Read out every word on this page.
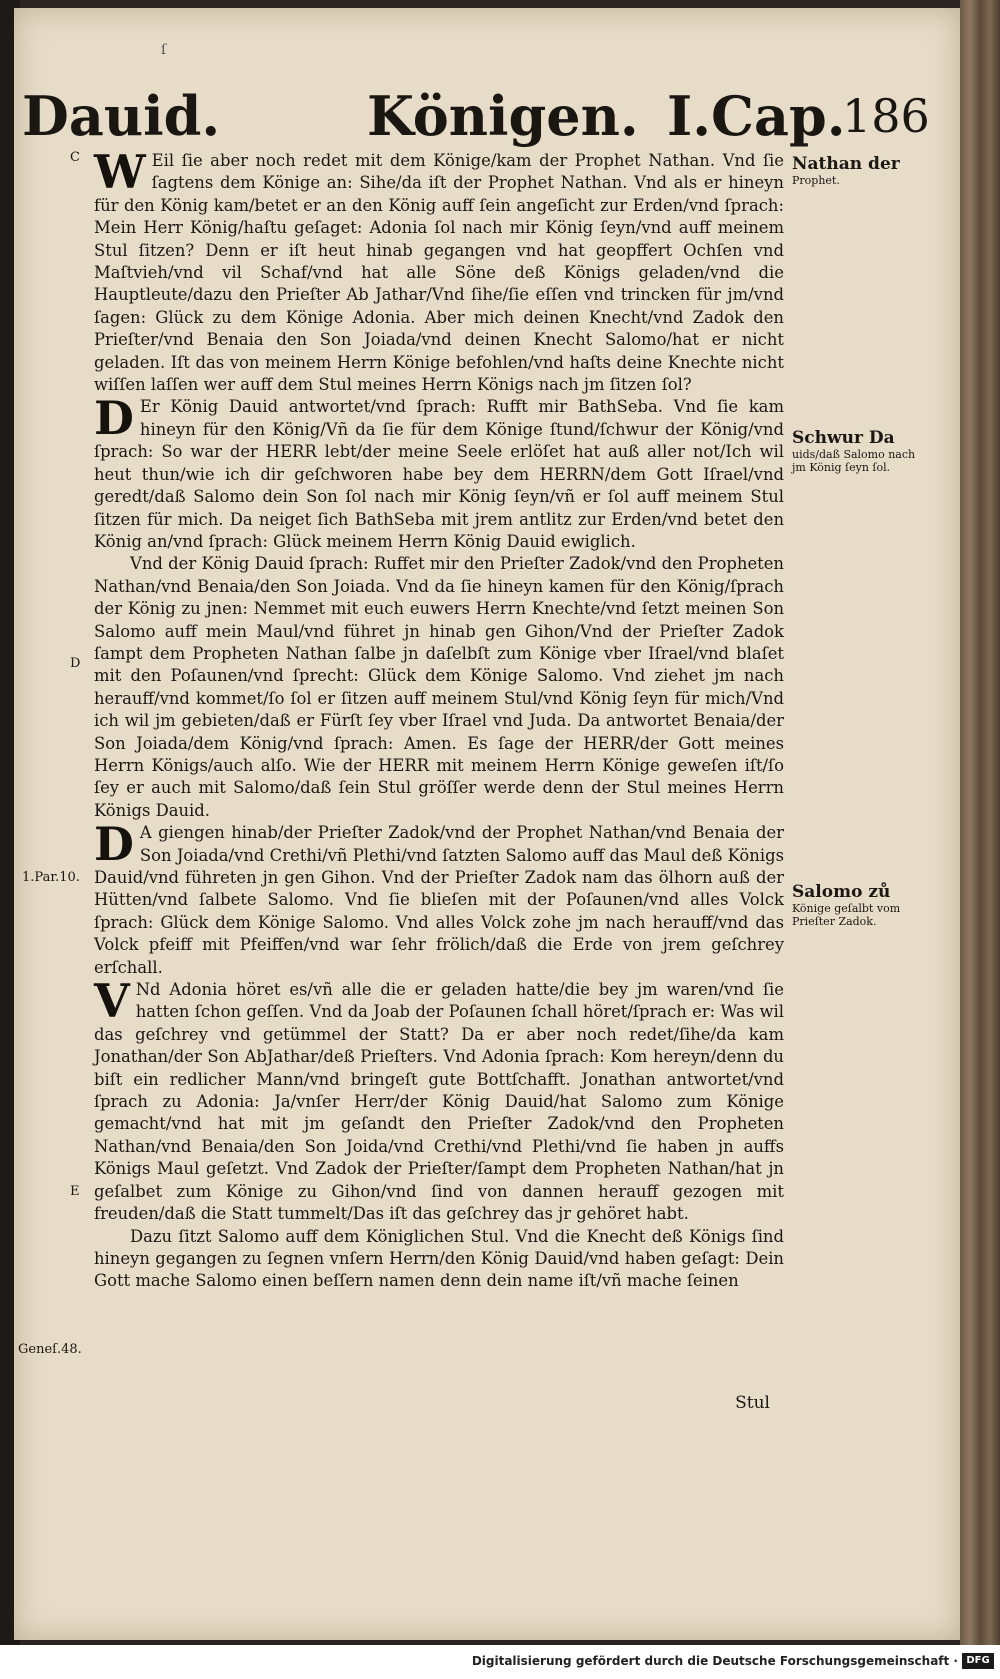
ſ
Dauid.	Königen. I.Cap.
186

W Eil ſie aber noch redet mit dem Könige/kam der Prophet Nathan. Vnd ſie ſagtens dem Könige an: Sihe/da iſt der Prophet Nathan. Vnd als er hineyn für den König kam/betet er an den König auff ſein angeſicht zur Erden/vnd ſprach: Mein Herr König/haſtu geſaget: Adonia ſol nach mir König ſeyn/vnd auff meinem Stul ſitzen? Denn er iſt heut hinab gegangen vnd hat geopffert Ochſen vnd Maſtvieh/vnd vil Schaf/vnd hat alle Söne deß Königs geladen/vnd die Hauptleute/dazu den Prieſter Ab Jathar/Vnd ſihe/ſie eſſen vnd trincken für jm/vnd ſagen: Glück zu dem Könige Adonia. Aber mich deinen Knecht/vnd Zadok den Prieſter/vnd Benaia den Son Joiada/vnd deinen Knecht Salomo/hat er nicht geladen. Iſt das von meinem Herrn Könige befohlen/vnd haſts deine Knechte nicht wiſſen laſſen wer auff dem Stul meines Herrn Königs nach jm ſitzen ſol?

D Er König Dauid antwortet/vnd ſprach: Rufft mir BathSeba. Vnd ſie kam hineyn für den König/Vñ da ſie für dem Könige ſtund/ſchwur der König/vnd ſprach: So war der HERR lebt/der meine Seele erlöſet hat auß aller not/Ich wil heut thun/wie ich dir geſchworen habe bey dem HERRN/dem Gott Iſrael/vnd geredt/daß Salomo dein Son ſol nach mir König ſeyn/vñ er ſol auff meinem Stul ſitzen für mich. Da neiget ſich BathSeba mit jrem antlitz zur Erden/vnd betet den König an/vnd ſprach: Glück meinem Herrn König Dauid ewiglich.

Vnd der König Dauid ſprach: Ruffet mir den Prieſter Zadok/vnd den Propheten Nathan/vnd Benaia/den Son Joiada. Vnd da ſie hineyn kamen für den König/ſprach der König zu jnen: Nemmet mit euch euwers Herrn Knechte/vnd ſetzt meinen Son Salomo auff mein Maul/vnd führet jn hinab gen Gihon/Vnd der Prieſter Zadok ſampt dem Propheten Nathan ſalbe jn daſelbſt zum Könige vber Iſrael/vnd blaſet mit den Poſaunen/vnd ſprecht: Glück dem Könige Salomo. Vnd ziehet jm nach herauff/vnd kommet/ſo ſol er ſitzen auff meinem Stul/vnd König ſeyn für mich/Vnd ich wil jm gebieten/daß er Fürſt ſey vber Iſrael vnd Juda. Da antwortet Benaia/der Son Joiada/dem König/vnd ſprach: Amen. Es ſage der HERR/der Gott meines Herrn Königs/auch alſo. Wie der HERR mit meinem Herrn Könige geweſen iſt/ſo ſey er auch mit Salomo/daß ſein Stul gröſſer werde denn der Stul meines Herrn Königs Dauid.

D A giengen hinab/der Prieſter Zadok/vnd der Prophet Nathan/vnd Benaia der Son Joiada/vnd Crethi/vñ Plethi/vnd ſatzten Salomo auff das Maul deß Königs Dauid/vnd führeten jn gen Gihon. Vnd der Prieſter Zadok nam das ölhorn auß der Hütten/vnd ſalbete Salomo. Vnd ſie blieſen mit der Poſaunen/vnd alles Volck ſprach: Glück dem Könige Salomo. Vnd alles Volck zohe jm nach herauff/vnd das Volck pfeiff mit Pfeiffen/vnd war ſehr frölich/daß die Erde von jrem geſchrey erſchall.

V Nd Adonia höret es/vñ alle die er geladen hatte/die bey jm waren/vnd ſie hatten ſchon geſſen. Vnd da Joab der Poſaunen ſchall höret/ſprach er: Was wil das geſchrey vnd getümmel der Statt? Da er aber noch redet/ſihe/da kam Jonathan/der Son AbJathar/deß Prieſters. Vnd Adonia ſprach: Kom hereyn/denn du biſt ein redlicher Mann/vnd bringeſt gute Bottſchafft. Jonathan antwortet/vnd ſprach zu Adonia: Ja/vnſer Herr/der König Dauid/hat Salomo zum Könige gemacht/vnd hat mit jm geſandt den Prieſter Zadok/vnd den Propheten Nathan/vnd Benaia/den Son Joida/vnd Crethi/vnd Plethi/vnd ſie haben jn auffs Königs Maul geſetzt. Vnd Zadok der Prieſter/ſampt dem Propheten Nathan/hat jn geſalbet zum Könige zu Gihon/vnd ſind von dannen herauff gezogen mit freuden/daß die Statt tummelt/Das iſt das geſchrey das jr gehöret habt.

Dazu ſitzt Salomo auff dem Königlichen Stul. Vnd die Knecht deß Königs ſind hineyn gegangen zu ſegnen vnſern Herrn/den König Dauid/vnd haben geſagt: Dein Gott mache Salomo einen beſſern namen denn dein name iſt/vñ mache ſeinen

Stul
Nathan der
Prophet.
Schwur Da
uids/daß Salomo nach jm König ſeyn ſol.
Salomo zů
Könige geſalbt vom Prieſter Zadok.
C
D
1.Par.10.
E
Geneſ.48.
Digitalisierung gefördert durch die Deutsche Forschungsgemeinschaft · DFG
